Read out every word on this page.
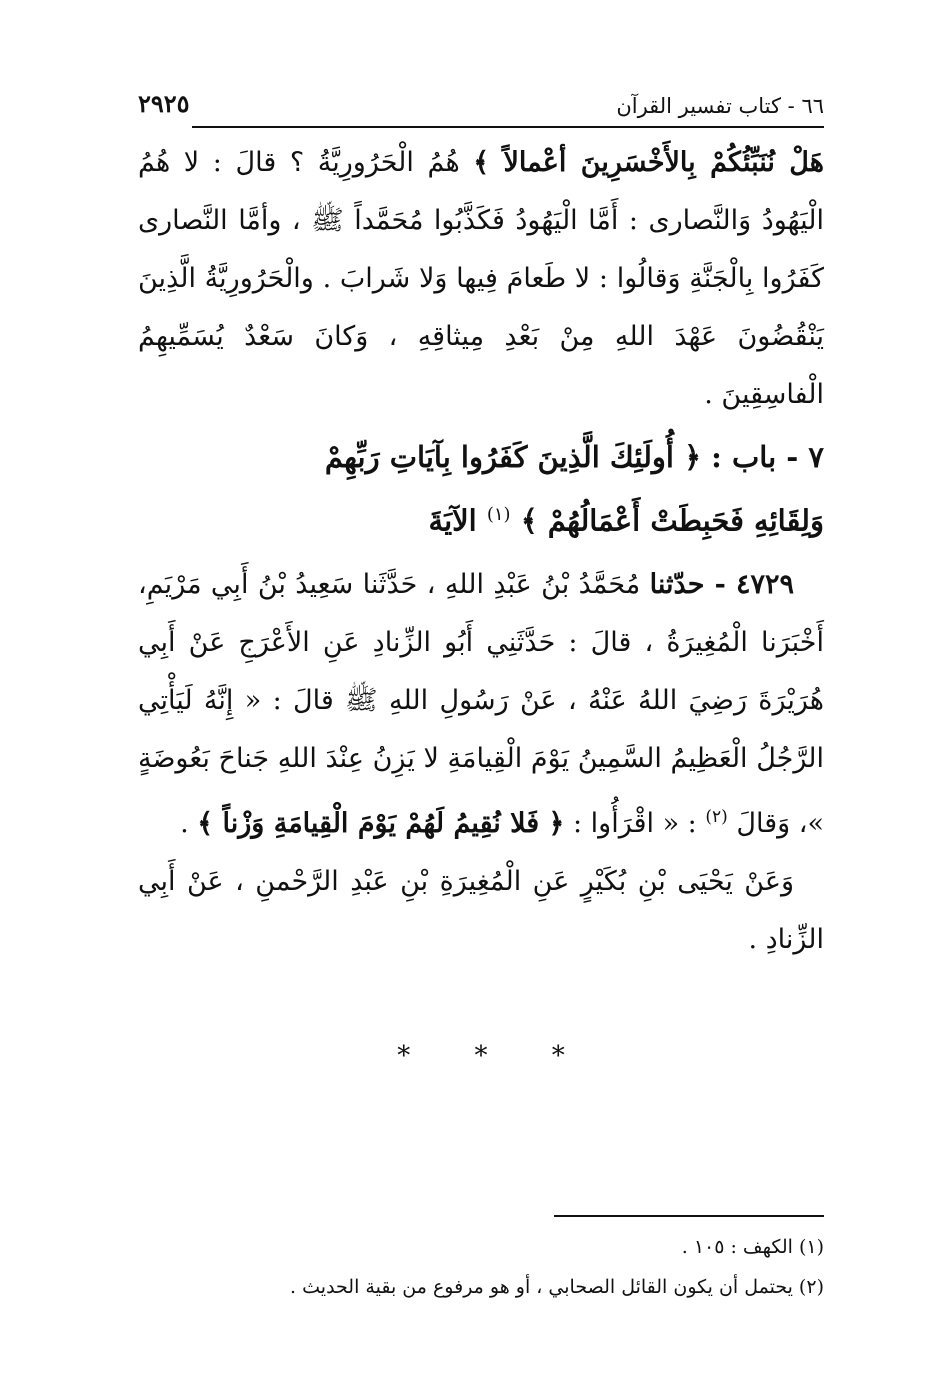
٦٦ - كتاب تفسير القرآن
٢٩٢٥

هَلْ نُنَبِّئُكُمْ بِالأَخْسَرِينَ أعْمالاً ﴾ هُمُ الْحَرُورِيَّةُ ؟ قالَ : لا هُمُ الْيَهُودُ وَالنَّصارى : أَمَّا الْيَهُودُ فَكَذَّبُوا مُحَمَّداً ﷺ ، وأمَّا النَّصارى كَفَرُوا بِالْجَنَّةِ وَقالُوا : لا طَعامَ فِيها وَلا شَرابَ . والْحَرُورِيَّةُ الَّذِينَ يَنْقُضُونَ عَهْدَ اللهِ مِنْ بَعْدِ مِيثاقِهِ ، وَكانَ سَعْدٌ يُسَمِّيهِمُ الْفاسِقِينَ .

٧ - باب : ﴿ أُولَئِكَ الَّذِينَ كَفَرُوا بِآيَاتِ رَبِّهِمْ
وَلِقَائِهِ فَحَبِطَتْ أَعْمَالُهُمْ ﴾ $^{(١)}$ الآيَةَ

٤٧٢٩ - حدّثنا مُحَمَّدُ بْنُ عَبْدِ اللهِ ، حَدَّثَنا سَعِيدُ بْنُ أَبِي مَرْيَمِ، أَخْبَرَنا الْمُغِيرَةُ ، قالَ : حَدَّثَنِي أَبُو الزِّنادِ عَنِ الأَعْرَجِ عَنْ أَبِي هُرَيْرَةَ رَضِيَ اللهُ عَنْهُ ، عَنْ رَسُولِ اللهِ ﷺ قالَ : « إِنَّهُ لَيَأْتِي الرَّجُلُ الْعَظِيمُ السَّمِينُ يَوْمَ الْقِيامَةِ لا يَزِنُ عِنْدَ اللهِ جَناحَ بَعُوضَةٍ »، وَقالَ $^{(٢)}$ : « اقْرَأُوا : ﴿ فَلا نُقِيمُ لَهُمْ يَوْمَ الْقِيامَةِ وَزْناً ﴾ .

وَعَنْ يَحْيَى بْنِ بُكَيْرٍ عَنِ الْمُغِيرَةِ بْنِ عَبْدِ الرَّحْمنِ ، عَنْ أَبِي الزِّنادِ .

* * *

(١) الكهف : ١٠٥ .

(٢) يحتمل أن يكون القائل الصحابي ، أو هو مرفوع من بقية الحديث .
